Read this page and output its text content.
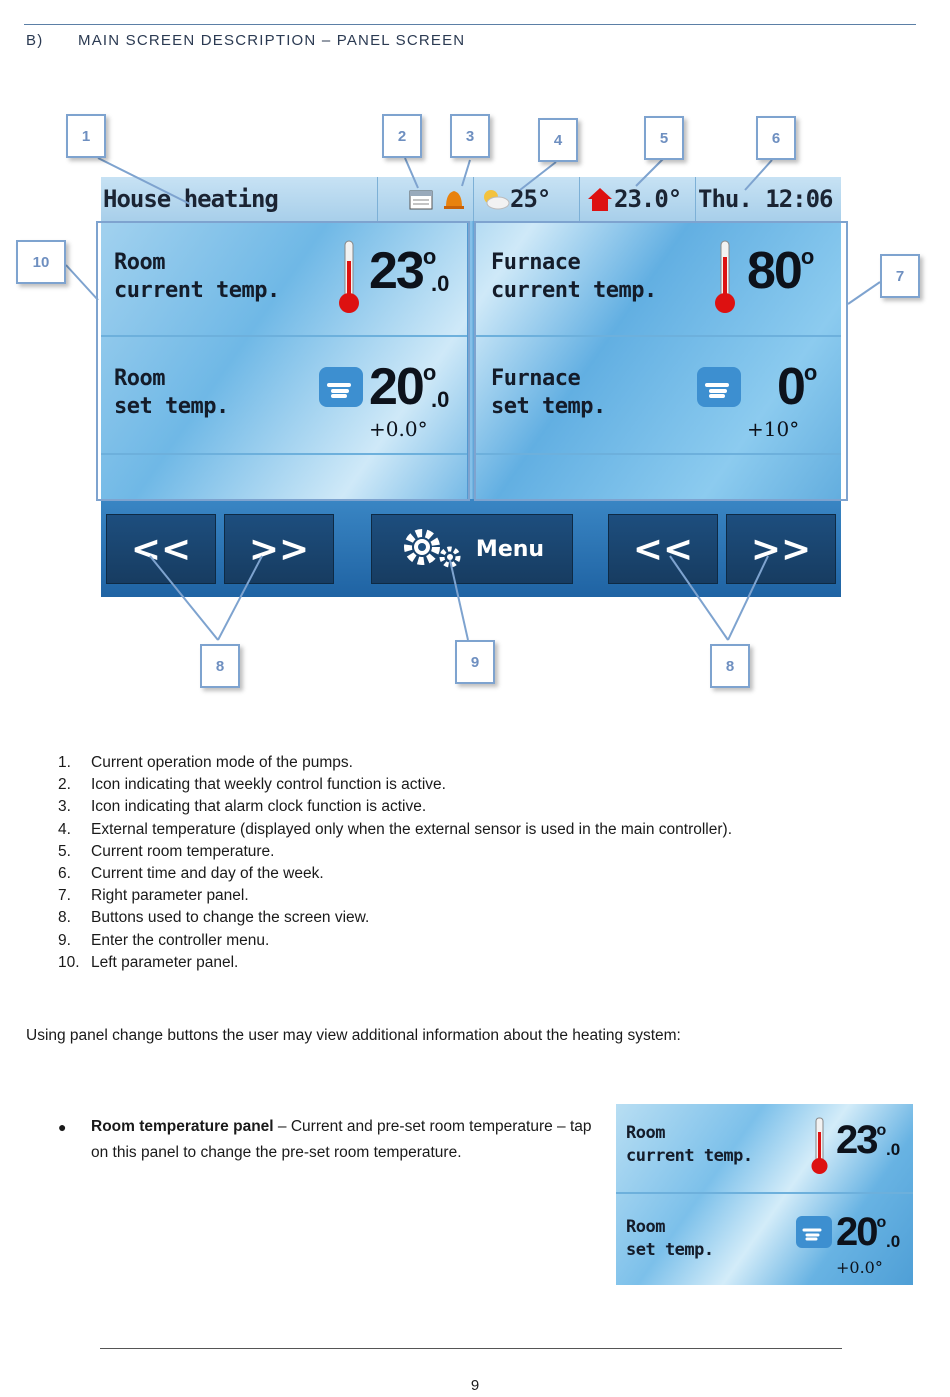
B) MAIN SCREEN DESCRIPTION – PANEL SCREEN
House heating	25°	23.0° Thu. 12:06
Room
current temp. 23$^o$
.0
Room
set temp.	20$^o$
.0
+0.0°
Furnace
current temp. 80$^o$
Furnace
set temp.	$0^o$
+10°
<<	>>	Menu	<<	>>
1	2	3	4	5	6
7
10
8	9	8
1. Current operation mode of the pumps.
2. Icon indicating that weekly control function is active.
3. Icon indicating that alarm clock function is active.
4. External temperature (displayed only when the external sensor is used in the main controller).
5. Current room temperature.
6. Current time and day of the week.
7. Right parameter panel.
8. Buttons used to change the screen view.
9. Enter the controller menu.
10. Left parameter panel.
Using panel change buttons the user may view additional information about the heating system:
●	Room temperature panel – Current and pre-set room temperature – tap on this panel to change the pre-set room temperature.
Room
current temp. 23$^o$
.0
Room
set temp.	20$^o$
.0
+0.0°
9
